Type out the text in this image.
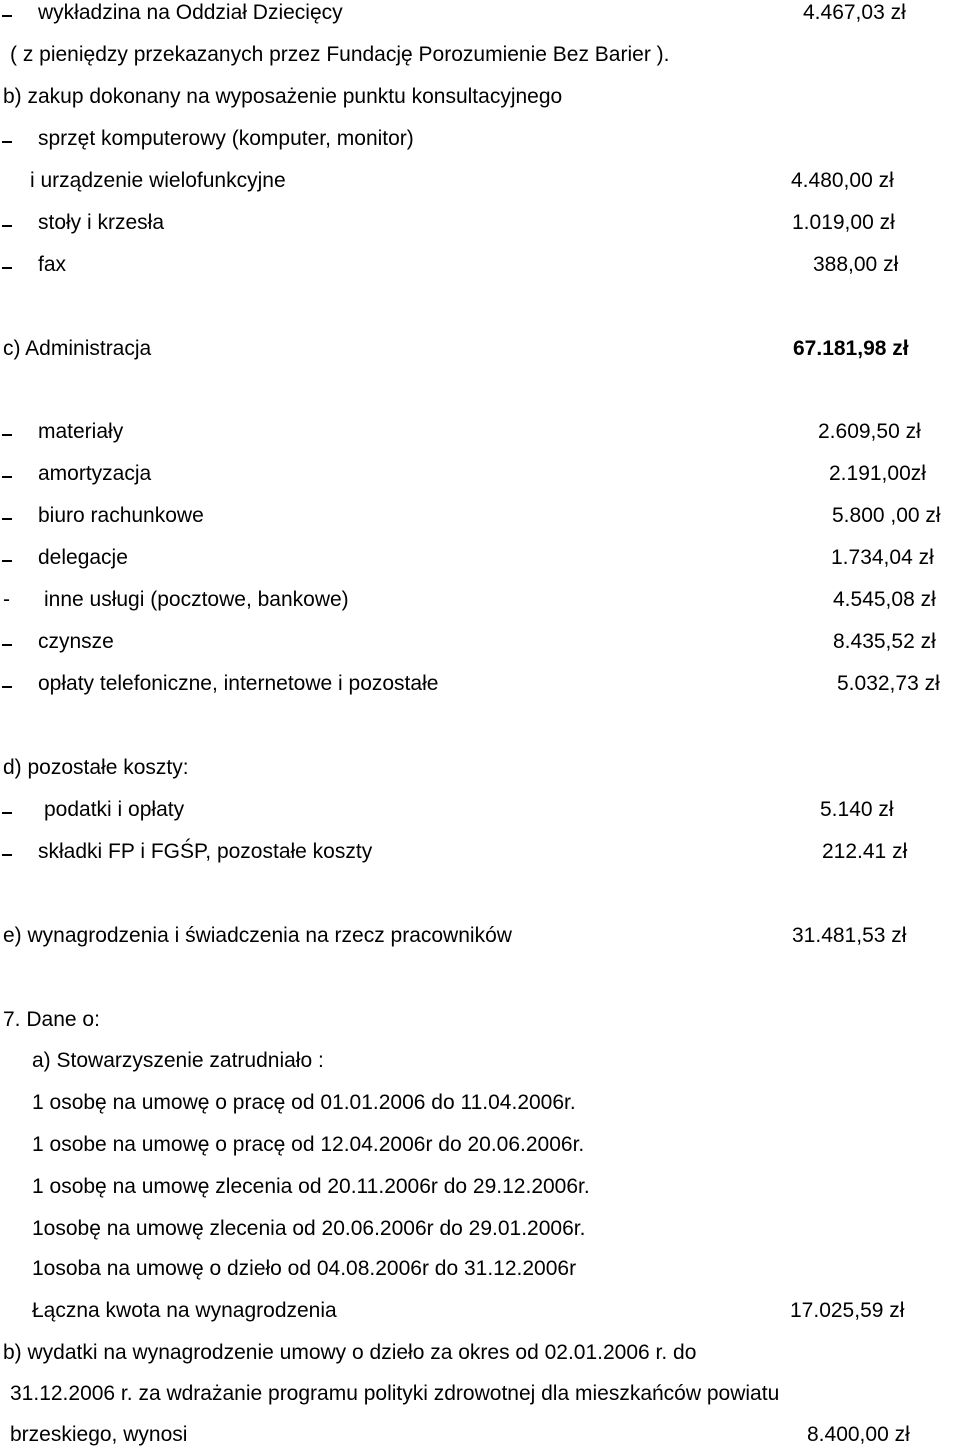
wykładzina na Oddział Dziecięcy	4.467,03 zł
( z pieniędzy przekazanych przez Fundację Porozumienie Bez Barier ).
b) zakup dokonany na wyposażenie punktu konsultacyjnego
sprzęt komputerowy (komputer, monitor)
i urządzenie wielofunkcyjne	4.480,00 zł
stoły i krzesła	1.019,00 zł
fax	388,00 zł
c) Administracja	67.181,98 zł
materiały	2.609,50 zł
amortyzacja	2.191,00zł
biuro rachunkowe	5.800 ,00 zł
delegacje	1.734,04 zł
- inne usługi (pocztowe, bankowe)	4.545,08 zł
czynsze	8.435,52 zł
opłaty telefoniczne, internetowe i pozostałe	5.032,73 zł
d) pozostałe koszty:
podatki i opłaty	5.140 zł
składki FP i FGŚP, pozostałe koszty	212.41 zł
e) wynagrodzenia i świadczenia na rzecz pracowników	31.481,53 zł
7. Dane o:
a) Stowarzyszenie zatrudniało :
1 osobę na umowę o pracę od 01.01.2006 do 11.04.2006r.
1 osobe na umowę o pracę od 12.04.2006r do 20.06.2006r.
1 osobę na umowę zlecenia od 20.11.2006r do 29.12.2006r.
1osobę na umowę zlecenia od 20.06.2006r do 29.01.2006r.
1osoba na umowę o dzieło od 04.08.2006r do 31.12.2006r
Łączna kwota na wynagrodzenia	17.025,59 zł
b) wydatki na wynagrodzenie umowy o dzieło za okres od 02.01.2006 r. do
31.12.2006 r. za wdrażanie programu polityki zdrowotnej dla mieszkańców powiatu
brzeskiego, wynosi	8.400,00 zł
